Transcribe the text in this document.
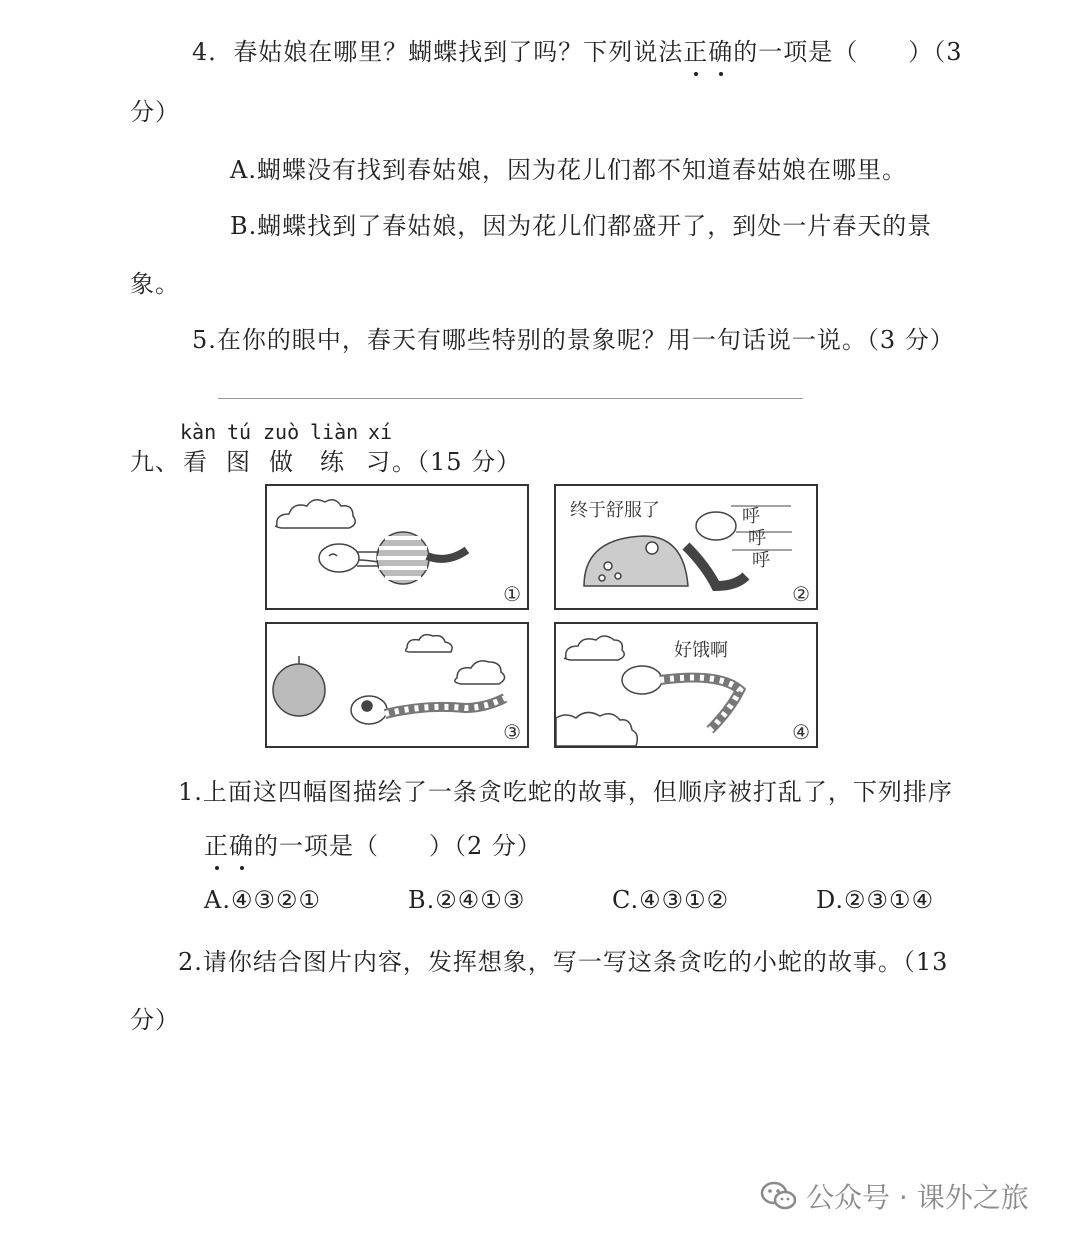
4．春姑娘在哪里？蝴蝶找到了吗？下列说法正确的一项是（　　）（3
分）
A.蝴蝶没有找到春姑娘，因为花儿们都不知道春姑娘在哪里。
B.蝴蝶找到了春姑娘，因为花儿们都盛开了，到处一片春天的景
象。
5.在你的眼中，春天有哪些特别的景象呢？用一句话说一说。（3 分）
kàn tú zuò liàn xí
九、 看 图 做 练 习 。（15 分）
①
终于舒服了	呼
呼
呼
②
③
好饿啊
④
1.上面这四幅图描绘了一条贪吃蛇的故事，但顺序被打乱了，下列排序
正确的一项是（　　）（2 分）
A.④③②①	B.②④①③	C.④③①②	D.②③①④
2.请你结合图片内容，发挥想象，写一写这条贪吃的小蛇的故事。（13
分）
公众号 · 课外之旅
